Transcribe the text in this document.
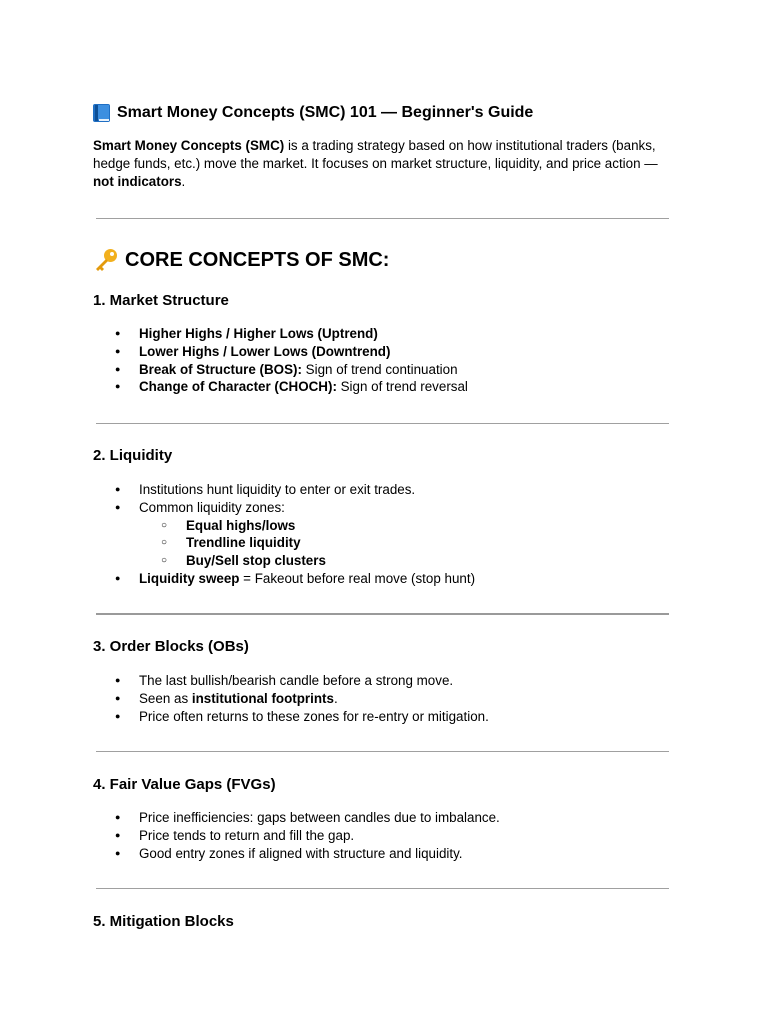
Smart Money Concepts (SMC) 101 — Beginner's Guide
Smart Money Concepts (SMC) is a trading strategy based on how institutional traders (banks, hedge funds, etc.) move the market. It focuses on market structure, liquidity, and price action — not indicators.
CORE CONCEPTS OF SMC:
1. Market Structure
● Higher Highs / Higher Lows (Uptrend)
● Lower Highs / Lower Lows (Downtrend)
● Break of Structure (BOS): Sign of trend continuation
● Change of Character (CHOCH): Sign of trend reversal
2. Liquidity
● Institutions hunt liquidity to enter or exit trades.
● Common liquidity zones:
○ Equal highs/lows
○ Trendline liquidity
○ Buy/Sell stop clusters
● Liquidity sweep = Fakeout before real move (stop hunt)
3. Order Blocks (OBs)
● The last bullish/bearish candle before a strong move.
● Seen as institutional footprints.
● Price often returns to these zones for re-entry or mitigation.
4. Fair Value Gaps (FVGs)
● Price inefficiencies: gaps between candles due to imbalance.
● Price tends to return and fill the gap.
● Good entry zones if aligned with structure and liquidity.
5. Mitigation Blocks
